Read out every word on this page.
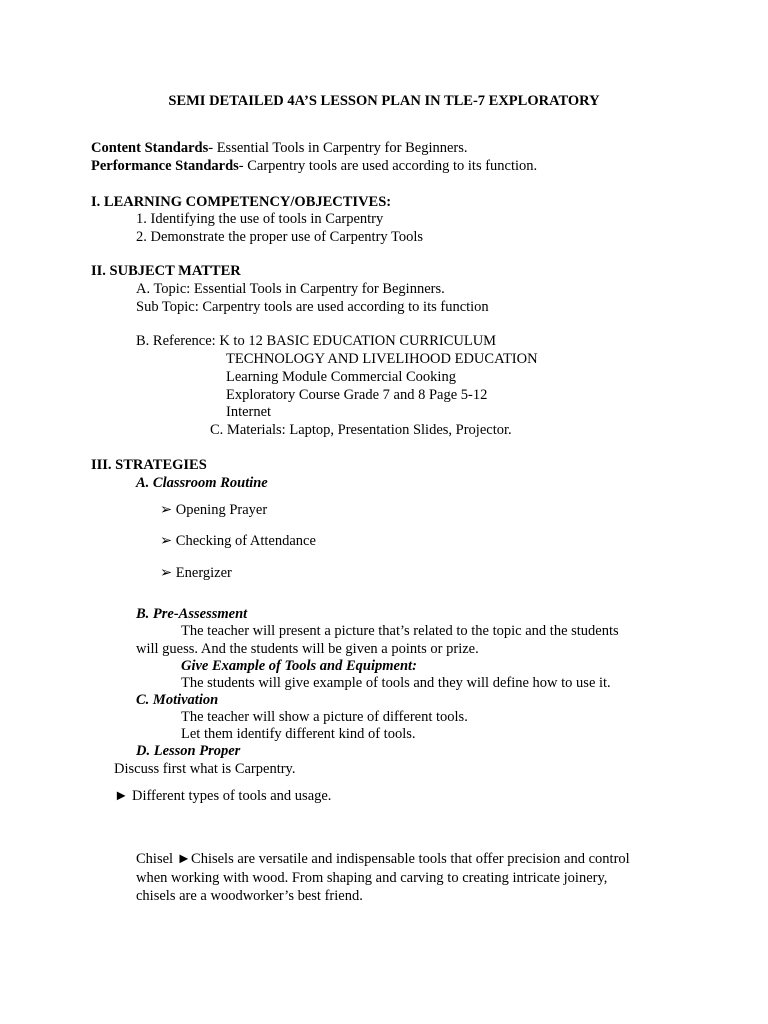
SEMI DETAILED 4A’S LESSON PLAN IN TLE-7 EXPLORATORY
Content Standards- Essential Tools in Carpentry for Beginners.
Performance Standards- Carpentry tools are used according to its function.
I. LEARNING COMPETENCY/OBJECTIVES:
1. Identifying the use of tools in Carpentry
2. Demonstrate the proper use of Carpentry Tools
II. SUBJECT MATTER
A. Topic: Essential Tools in Carpentry for Beginners.
Sub Topic: Carpentry tools are used according to its function
B. Reference: K to 12 BASIC EDUCATION CURRICULUM
TECHNOLOGY AND LIVELIHOOD EDUCATION
Learning Module Commercial Cooking
Exploratory Course Grade 7 and 8 Page 5-12
Internet
C. Materials: Laptop, Presentation Slides, Projector.
III. STRATEGIES
A. Classroom Routine
➢ Opening Prayer
➢ Checking of Attendance
➢ Energizer
B. Pre-Assessment
The teacher will present a picture that’s related to the topic and the students
will guess. And the students will be given a points or prize.
Give Example of Tools and Equipment:
The students will give example of tools and they will define how to use it.
C. Motivation
The teacher will show a picture of different tools.
Let them identify different kind of tools.
D. Lesson Proper
Discuss first what is Carpentry.
► Different types of tools and usage.
Chisel ►Chisels are versatile and indispensable tools that offer precision and control
when working with wood. From shaping and carving to creating intricate joinery,
chisels are a woodworker’s best friend.
